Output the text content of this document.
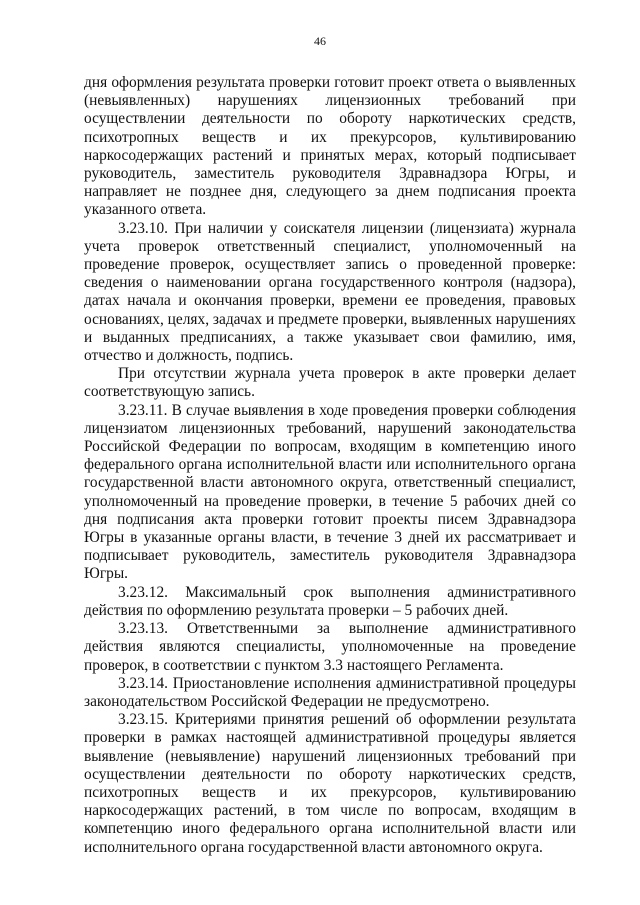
46

дня оформления результата проверки готовит проект ответа о выявленных (невыявленных) нарушениях лицензионных требований при осуществлении деятельности по обороту наркотических средств, психотропных веществ и их прекурсоров, культивированию наркосодержащих растений и принятых мерах, который подписывает руководитель, заместитель руководителя Здравнадзора Югры, и направляет не позднее дня, следующего за днем подписания проекта указанного ответа.

3.23.10. При наличии у соискателя лицензии (лицензиата) журнала учета проверок ответственный специалист, уполномоченный на проведение проверок, осуществляет запись о проведенной проверке: сведения о наименовании органа государственного контроля (надзора), датах начала и окончания проверки, времени ее проведения, правовых основаниях, целях, задачах и предмете проверки, выявленных нарушениях и выданных предписаниях, а также указывает свои фамилию, имя, отчество и должность, подпись.

При отсутствии журнала учета проверок в акте проверки делает соответствующую запись.

3.23.11. В случае выявления в ходе проведения проверки соблюдения лицензиатом лицензионных требований, нарушений законодательства Российской Федерации по вопросам, входящим в компетенцию иного федерального органа исполнительной власти или исполнительного органа государственной власти автономного округа, ответственный специалист, уполномоченный на проведение проверки, в течение 5 рабочих дней со дня подписания акта проверки готовит проекты писем Здравнадзора Югры в указанные органы власти, в течение 3 дней их рассматривает и подписывает руководитель, заместитель руководителя Здравнадзора Югры.

3.23.12. Максимальный срок выполнения административного действия по оформлению результата проверки – 5 рабочих дней.

3.23.13. Ответственными за выполнение административного действия являются специалисты, уполномоченные на проведение проверок, в соответствии с пунктом 3.3 настоящего Регламента.

3.23.14. Приостановление исполнения административной процедуры законодательством Российской Федерации не предусмотрено.

3.23.15. Критериями принятия решений об оформлении результата проверки в рамках настоящей административной процедуры является выявление (невыявление) нарушений лицензионных требований при осуществлении деятельности по обороту наркотических средств, психотропных веществ и их прекурсоров, культивированию наркосодержащих растений, в том числе по вопросам, входящим в компетенцию иного федерального органа исполнительной власти или исполнительного органа государственной власти автономного округа.
